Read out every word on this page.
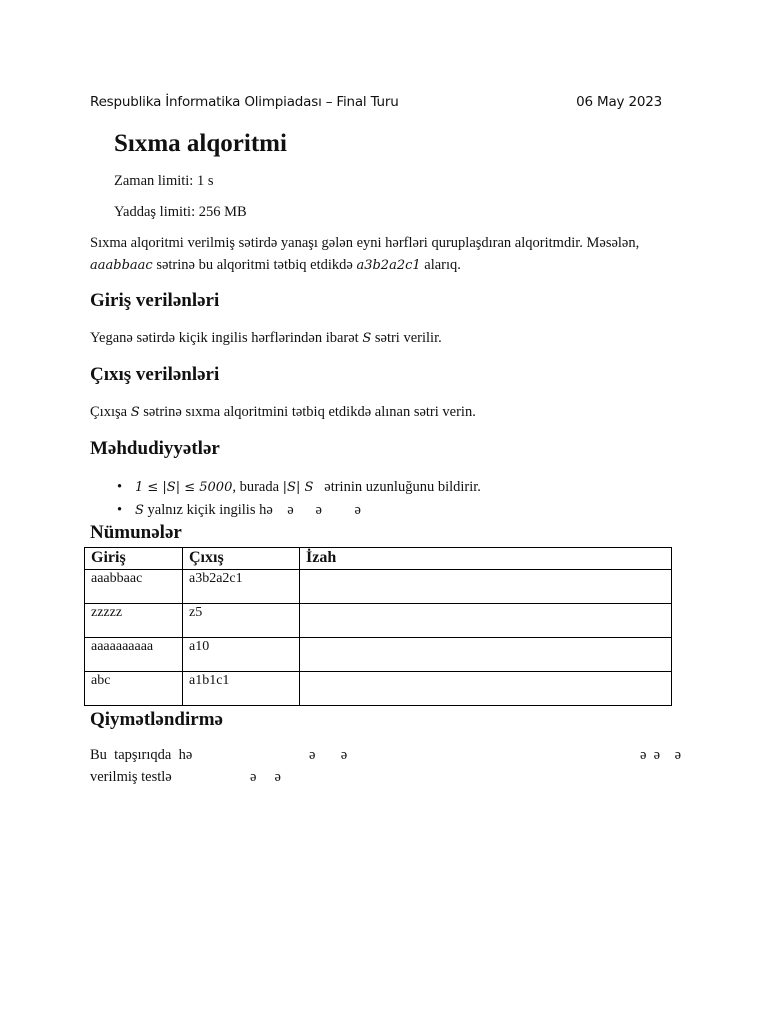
Respublika İnformatika Olimpiadası – Final Turu	06 May 2023
Sıxma alqoritmi
Zaman limiti: 1 s
Yaddaş limiti: 256 MB
Sıxma alqoritmi verilmiş sətirdə yanaşı gələn eyni hərfləri quruplaşdıran alqoritmdir. Məsələn,
aaabbaac sətrinə bu alqoritmi tətbiq etdikdə a3b2a2c1 alarıq.
Giriş verilənləri
Yeganə sətirdə kiçik ingilis hərflərindən ibarət S sətri verilir.
Çıxış verilənləri
Çıxışa S sətrinə sıxma alqoritmini tətbiq etdikdə alınan sətri verin.
Məhdudiyyətlər
• 1 ≤ |S| ≤ 5000, burada |S| S   ətrinin uzunluğunu bildirir.
• S yalnız kiçik ingilis hə    ə      ə         ə
Nümunələr
Giriş	Çıxış	İzah
aaabbaac	a3b2a2c1	
zzzzz	z5	
aaaaaaaaaa	a10	
abc	a1b1c1	
Qiymətləndirmə
Bu  tapşırıqda  hə	ə       ə	ə  ə    ə
verilmiş testlə	ə     ə
